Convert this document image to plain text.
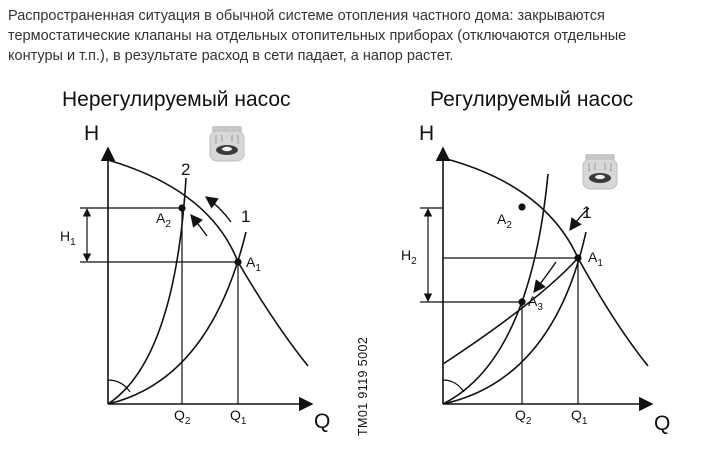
Распространенная ситуация в обычной системе отопления частного дома: закрываются
термостатические клапаны на отдельных отопительных приборах (отключаются отдельные
контуры и т.п.), в результате расход в сети падает, а напор растет.
Нерегулируемый насос
H
Q
$H_1$
$A_2$
$A_1$
2
1
$Q_2$	$Q_1$	TM01 9119 5002
Регулируемый насос
H
Q
$H_2$
$A_2$
$A_1$
$A_3$
1
$Q_2$	$Q_1$
